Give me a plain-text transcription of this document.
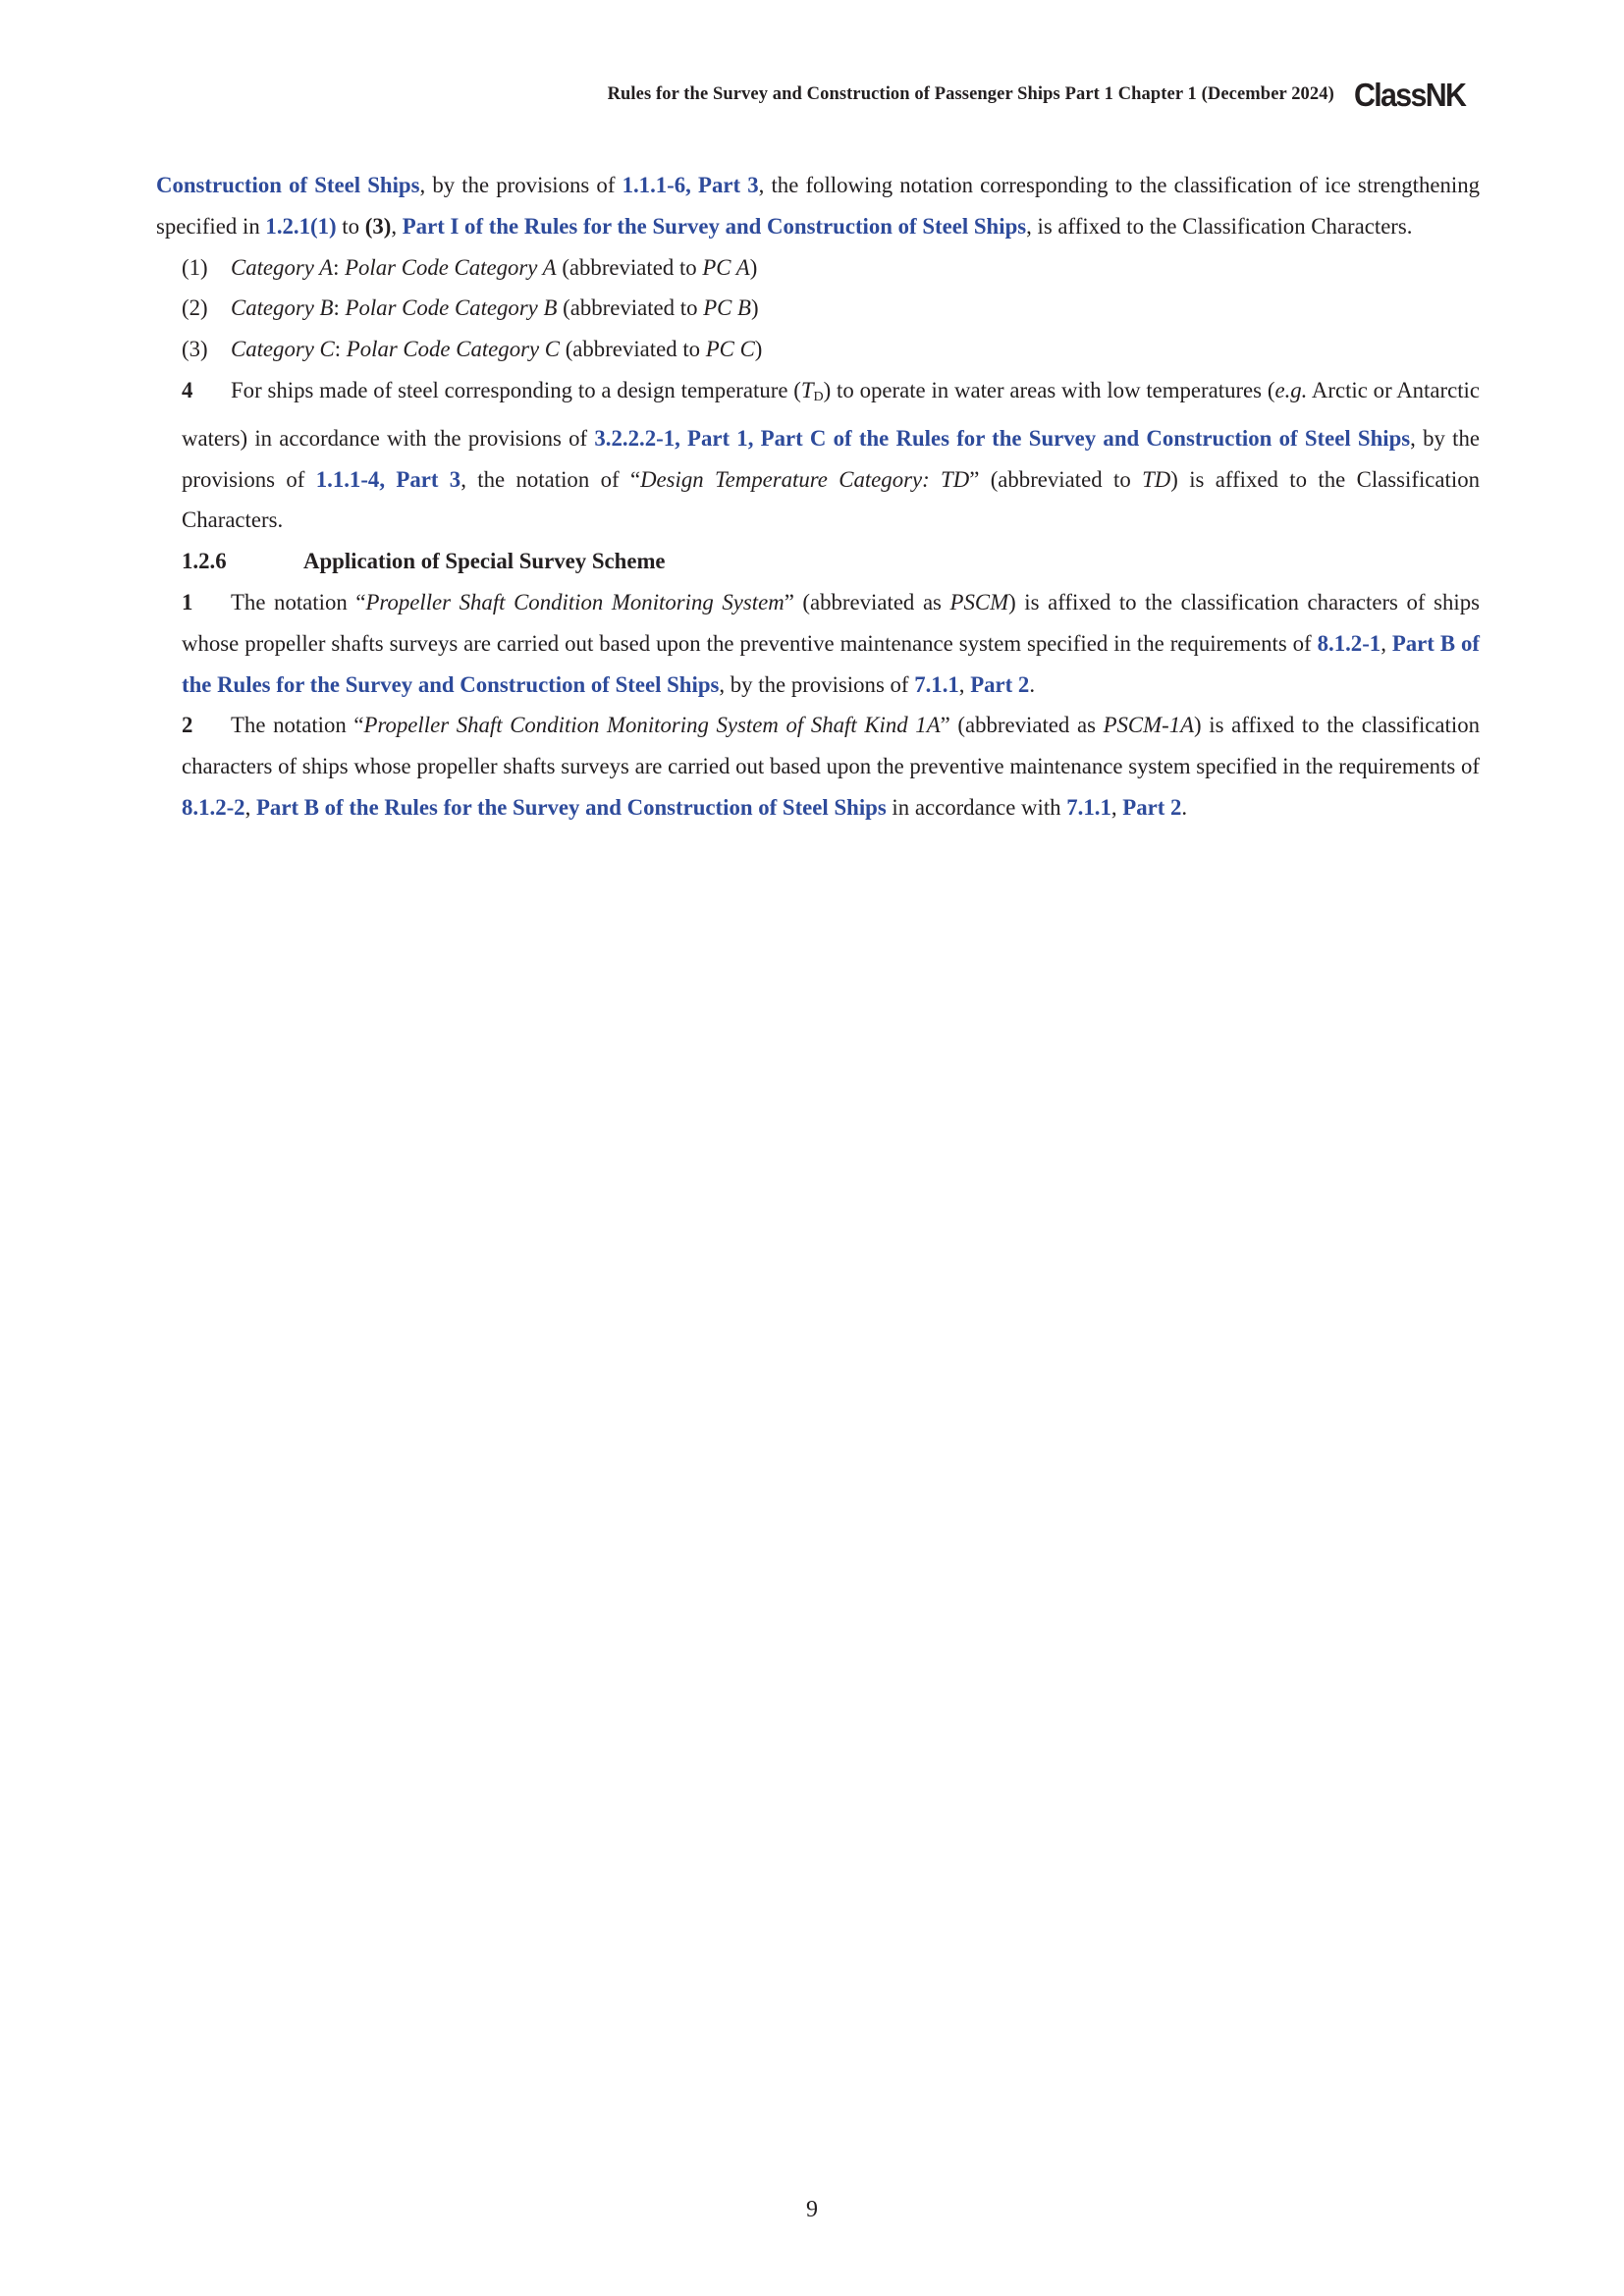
Rules for the Survey and Construction of Passenger Ships Part 1 Chapter 1 (December 2024) ClassNK

Construction of Steel Ships, by the provisions of 1.1.1-6, Part 3, the following notation corresponding to the classification of ice strengthening specified in 1.2.1(1) to (3), Part I of the Rules for the Survey and Construction of Steel Ships, is affixed to the Classification Characters.

(1) Category A: Polar Code Category A (abbreviated to PC A)

(2) Category B: Polar Code Category B (abbreviated to PC B)

(3) Category C: Polar Code Category C (abbreviated to PC C)

4 For ships made of steel corresponding to a design temperature $(T_D)$ to operate in water areas with low temperatures (e.g. Arctic or Antarctic waters) in accordance with the provisions of 3.2.2.2-1, Part 1, Part C of the Rules for the Survey and Construction of Steel Ships, by the provisions of 1.1.1-4, Part 3, the notation of “Design Temperature Category: TD” (abbreviated to TD) is affixed to the Classification Characters.

1.2.6	Application of Special Survey Scheme

1 The notation “Propeller Shaft Condition Monitoring System” (abbreviated as PSCM) is affixed to the classification characters of ships whose propeller shafts surveys are carried out based upon the preventive maintenance system specified in the requirements of 8.1.2-1, Part B of the Rules for the Survey and Construction of Steel Ships, by the provisions of 7.1.1, Part 2.

2 The notation “Propeller Shaft Condition Monitoring System of Shaft Kind 1A” (abbreviated as PSCM-1A) is affixed to the classification characters of ships whose propeller shafts surveys are carried out based upon the preventive maintenance system specified in the requirements of 8.1.2-2, Part B of the Rules for the Survey and Construction of Steel Ships in accordance with 7.1.1, Part 2.

9
